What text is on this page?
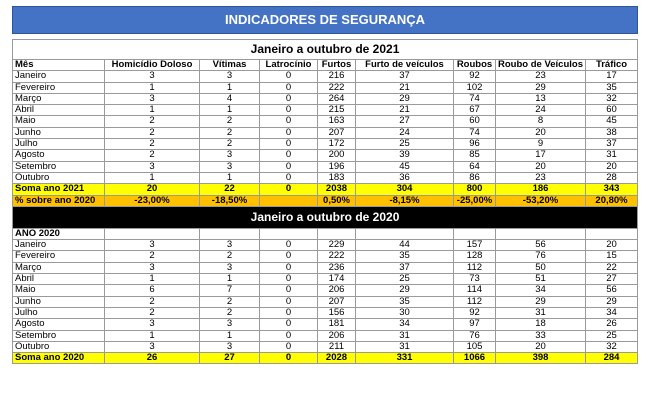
INDICADORES DE SEGURANÇA								

Janeiro a outubro de 2021								
Mês	Homicídio Doloso	Vítimas	Latrocínio	Furtos	Furto de veículos	Roubos	Roubo de Veículos	Tráfico
Janeiro	3	3	0	216	37	92	23	17
Fevereiro	1	1	0	222	21	102	29	35
Março	3	4	0	264	29	74	13	32
Abril	1	1	0	215	21	67	24	60
Maio	2	2	0	163	27	60	8	45
Junho	2	2	0	207	24	74	20	38
Julho	2	2	0	172	25	96	9	37
Agosto	2	3	0	200	39	85	17	31
Setembro	3	3	0	196	45	64	20	20
Outubro	1	1	0	183	36	86	23	28
Soma ano 2021	20	22	0	2038	304	800	186	343
% sobre ano 2020	-23,00%	-18,50%		0,50%	-8,15%	-25,00%	-53,20%	20,80%
Janeiro a outubro de 2020								
ANO 2020								
Janeiro	3	3	0	229	44	157	56	20
Fevereiro	2	2	0	222	35	128	76	15
Março	3	3	0	236	37	112	50	22
Abril	1	1	0	174	25	73	51	27
Maio	6	7	0	206	29	114	34	56
Junho	2	2	0	207	35	112	29	29
Julho	2	2	0	156	30	92	31	34
Agosto	3	3	0	181	34	97	18	26
Setembro	1	1	0	206	31	76	33	25
Outubro	3	3	0	211	31	105	20	32
Soma ano 2020	26	27	0	2028	331	1066	398	284
